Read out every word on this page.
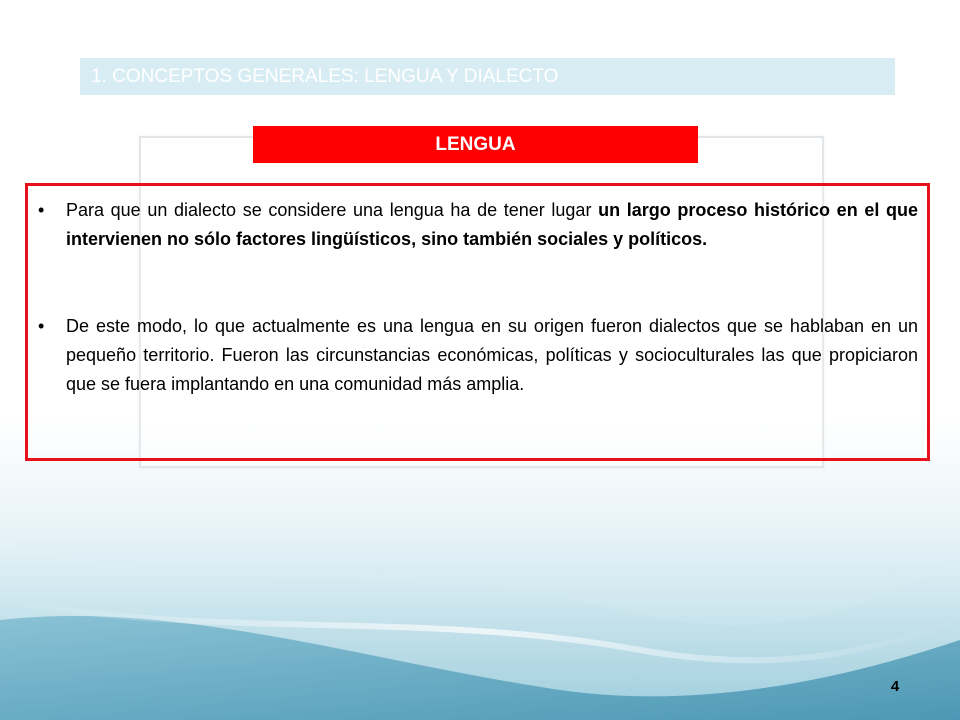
1. CONCEPTOS GENERALES: LENGUA Y DIALECTO
LENGUA
•	Para que un dialecto se considere una lengua ha de tener lugar un largo proceso histórico en el que intervienen no sólo factores lingüísticos, sino también sociales y políticos.
•	De este modo, lo que actualmente es una lengua en su origen fueron dialectos que se hablaban en un pequeño territorio. Fueron las circunstancias económicas, políticas y socioculturales las que propiciaron que se fuera implantando en una comunidad más amplia.
4
